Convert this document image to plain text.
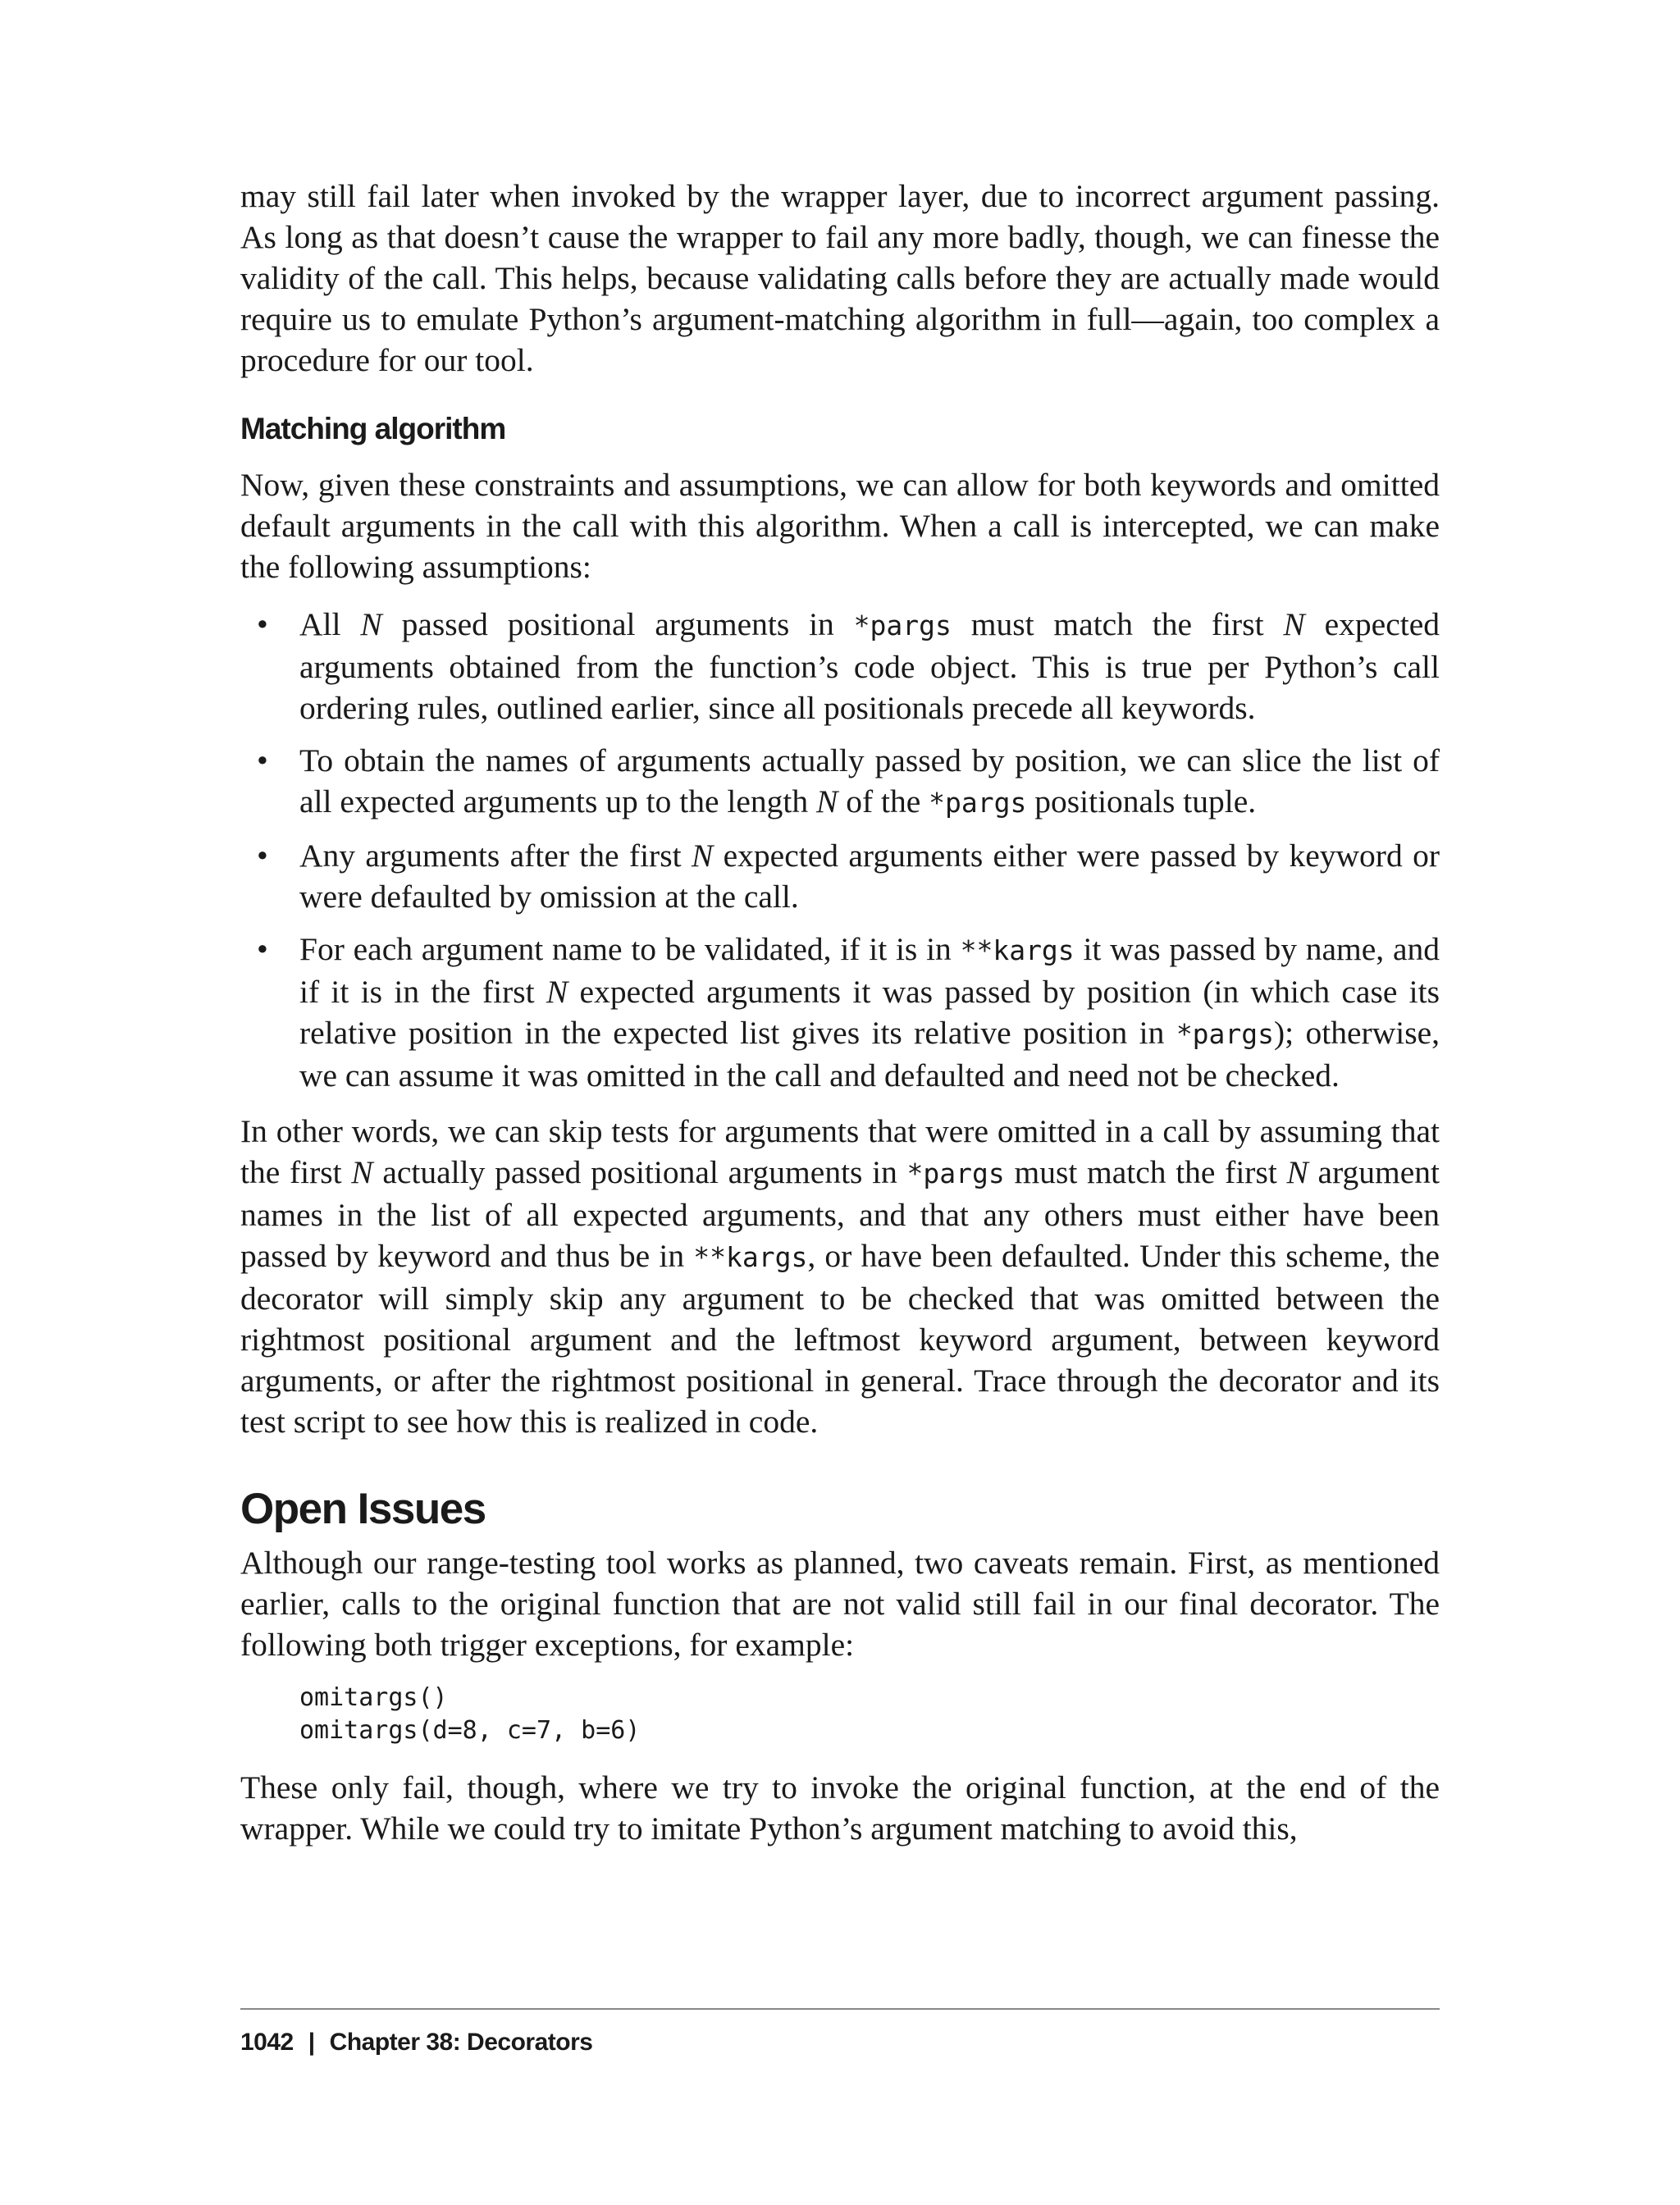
may still fail later when invoked by the wrapper layer, due to incorrect argument passing. As long as that doesn’t cause the wrapper to fail any more badly, though, we can finesse the validity of the call. This helps, because validating calls before they are actually made would require us to emulate Python’s argument-matching algorithm in full—again, too complex a procedure for our tool.

Matching algorithm

Now, given these constraints and assumptions, we can allow for both keywords and omitted default arguments in the call with this algorithm. When a call is intercepted, we can make the following assumptions:

• All N passed positional arguments in *pargs must match the first N expected arguments obtained from the function’s code object. This is true per Python’s call ordering rules, outlined earlier, since all positionals precede all keywords.
• To obtain the names of arguments actually passed by position, we can slice the list of all expected arguments up to the length N of the *pargs positionals tuple.
• Any arguments after the first N expected arguments either were passed by keyword or were defaulted by omission at the call.
• For each argument name to be validated, if it is in **kargs it was passed by name, and if it is in the first N expected arguments it was passed by position (in which case its relative position in the expected list gives its relative position in *pargs); otherwise, we can assume it was omitted in the call and defaulted and need not be checked.

In other words, we can skip tests for arguments that were omitted in a call by assuming that the first N actually passed positional arguments in *pargs must match the first N argument names in the list of all expected arguments, and that any others must either have been passed by keyword and thus be in **kargs, or have been defaulted. Under this scheme, the decorator will simply skip any argument to be checked that was omitted between the rightmost positional argument and the leftmost keyword argument, between keyword arguments, or after the rightmost positional in general. Trace through the decorator and its test script to see how this is realized in code.

Open Issues

Although our range-testing tool works as planned, two caveats remain. First, as mentioned earlier, calls to the original function that are not valid still fail in our final decorator. The following both trigger exceptions, for example:

omitargs()
omitargs(d=8, c=7, b=6)

These only fail, though, where we try to invoke the original function, at the end of the wrapper. While we could try to imitate Python’s argument matching to avoid this,

1042 | Chapter 38: Decorators
